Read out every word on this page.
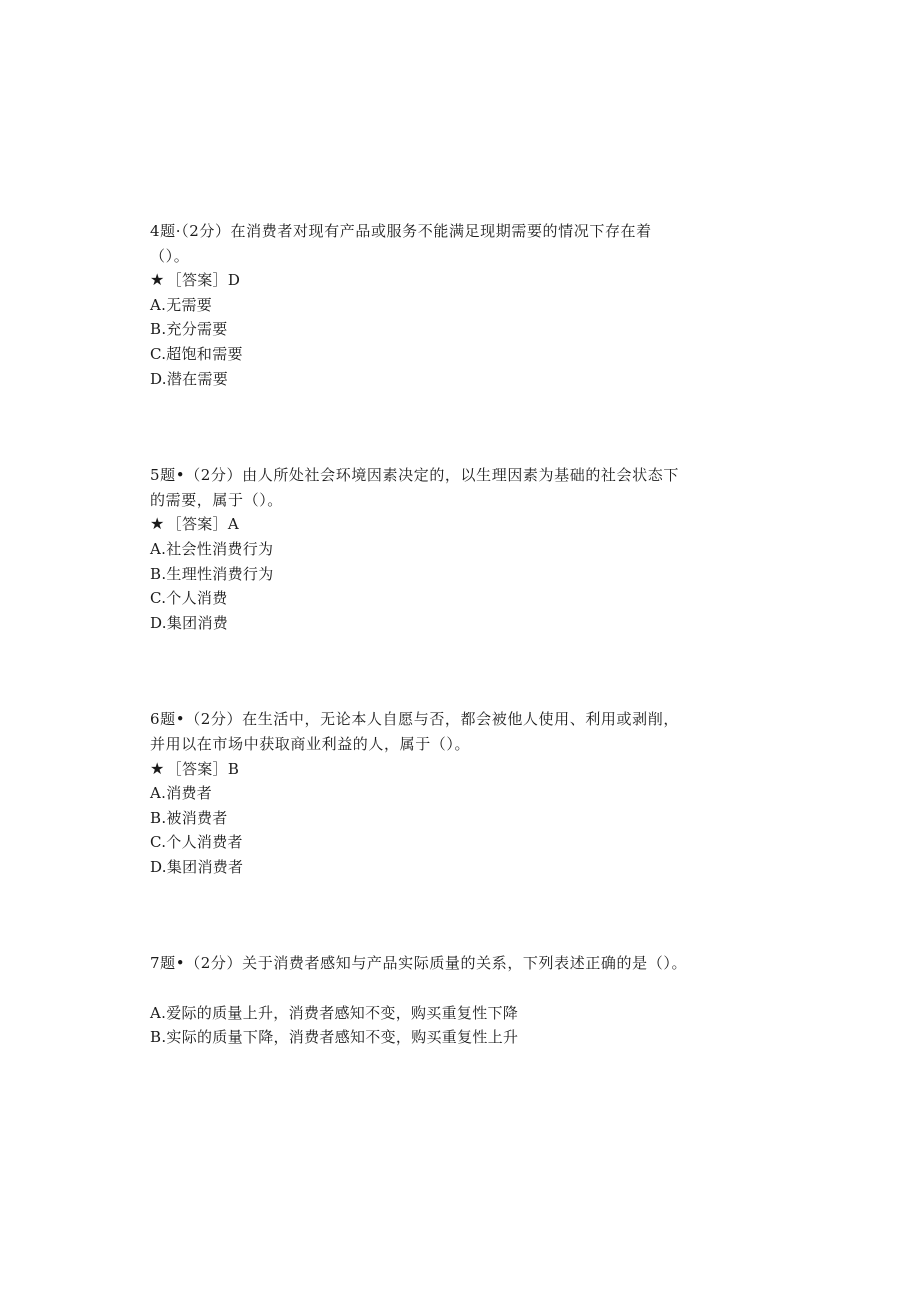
4题·（2分）在消费者对现有产品或服务不能满足现期需要的情况下存在着（）。
★ ［答案］D
A.无需要
B.充分需要
C.超饱和需要
D.潜在需要
5题•（2分）由人所处社会环境因素决定的，以生理因素为基础的社会状态下的需要，属于（）。
★ ［答案］A
A.社会性消费行为
B.生理性消费行为
C.个人消费
D.集团消费
6题•（2分）在生活中，无论本人自愿与否，都会被他人使用、利用或剥削，并用以在市场中获取商业利益的人，属于（）。
★ ［答案］B
A.消费者
B.被消费者
C.个人消费者
D.集团消费者
7题•（2分）关于消费者感知与产品实际质量的关系，下列表述正确的是（）。
A.爱际的质量上升，消费者感知不变，购买重复性下降
B.实际的质量下降，消费者感知不变，购买重复性上升
